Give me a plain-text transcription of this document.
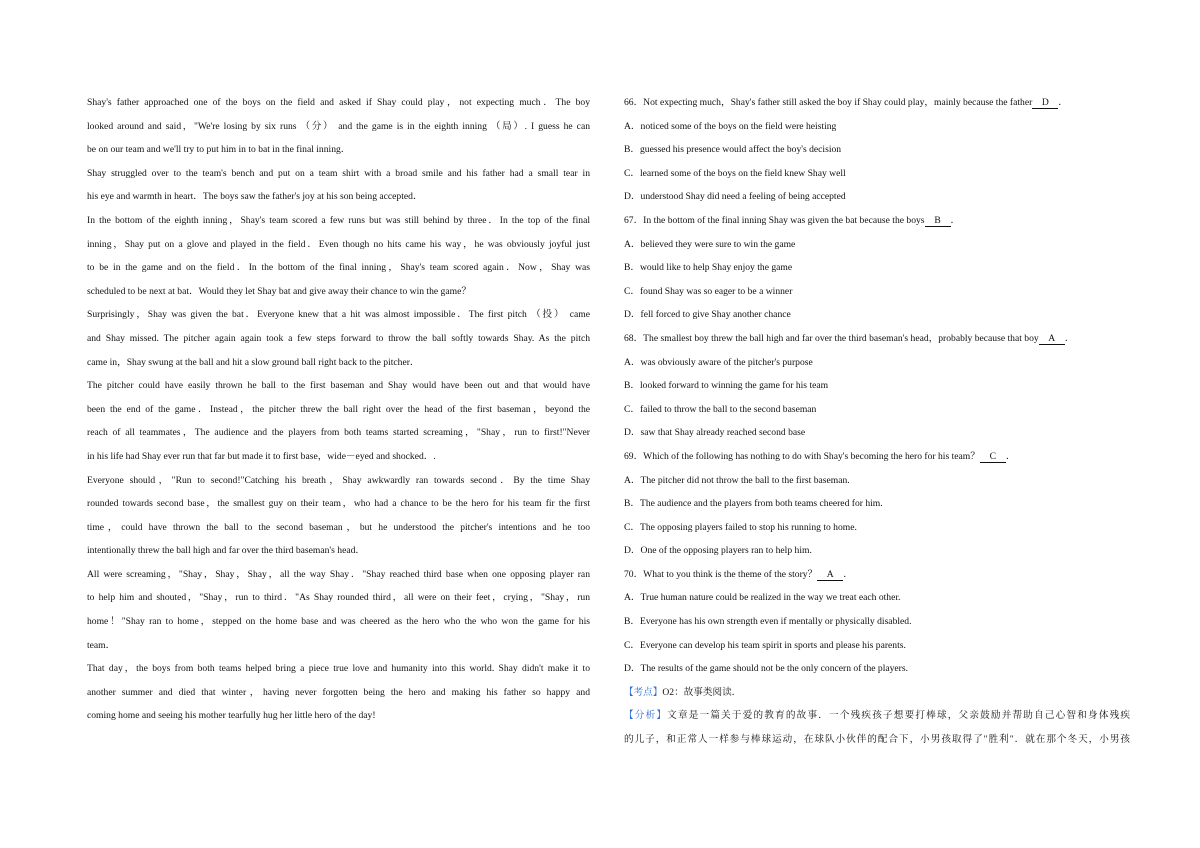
Shay's father approached one of the boys on the field and asked if Shay could play，not expecting much．The boy
looked around and said，"We're losing by six runs （分） and the game is in the eighth inning （局）. I guess he can
be on our team and we'll try to put him in to bat in the final inning．
Shay struggled over to the team's bench and put on a team shirt with a broad smile and his father had a small tear in
his eye and warmth in heart．The boys saw the father's joy at his son being accepted．
In the bottom of the eighth inning，Shay's team scored a few runs but was still behind by three．In the top of the final
inning，Shay put on a glove and played in the field．Even though no hits came his way，he was obviously joyful just
to be in the game and on the field．In the bottom of the final inning，Shay's team scored again．Now，Shay was
scheduled to be next at bat．Would they let Shay bat and give away their chance to win the game？
Surprisingly，Shay was given the bat．Everyone knew that a hit was almost impossible．The first pitch （投） came
and Shay missed. The pitcher again again took a few steps forward to throw the ball softly towards Shay. As the pitch
came in，Shay swung at the ball and hit a slow ground ball right back to the pitcher．
The pitcher could have easily thrown he ball to the first baseman and Shay would have been out and that would have
been the end of the game．Instead，the pitcher threw the ball right over the head of the first baseman，beyond the
reach of all teammates，The audience and the players from both teams started screaming，"Shay，run to first!"Never
in his life had Shay ever run that far but made it to first base，wide－eyed and shocked．.
Everyone should，"Run to second!"Catching his breath，Shay awkwardly ran towards second．By the time Shay
rounded towards second base，the smallest guy on their team，who had a chance to be the hero for his team fir the first
time，could have thrown the ball to the second baseman，but he understood the pitcher's intentions and he too
intentionally threw the ball high and far over the third baseman's head．
All were screaming，"Shay，Shay，Shay，all the way Shay．"Shay reached third base when one opposing player ran
to help him and shouted，"Shay，run to third．"As Shay rounded third，all were on their feet，crying，"Shay，run
home！"Shay ran to home，stepped on the home base and was cheered as the hero who the who won the game for his
team．
That day，the boys from both teams helped bring a piece true love and humanity into this world. Shay didn't make it to
another summer and died that winter，having never forgotten being the hero and making his father so happy and
coming home and seeing his mother tearfully hug her little hero of the day!
66．Not expecting much，Shay's father still asked the boy if Shay could play，mainly because the father D ．
A．noticed some of the boys on the field were heisting
B．guessed his presence would affect the boy's decision
C．learned some of the boys on the field knew Shay well
D．understood Shay did need a feeling of being accepted
67．In the bottom of the final inning Shay was given the bat because the boys B ．
A．believed they were sure to win the game
B．would like to help Shay enjoy the game
C．found Shay was so eager to be a winner
D．fell forced to give Shay another chance
68．The smallest boy threw the ball high and far over the third baseman's head，probably because that boy A ．
A．was obviously aware of the pitcher's purpose
B．looked forward to winning the game for his team
C．failed to throw the ball to the second baseman
D．saw that Shay already reached second base
69．Which of the following has nothing to do with Shay's becoming the hero for his team？ C ．
A．The pitcher did not throw the ball to the first baseman.
B．The audience and the players from both teams cheered for him.
C．The opposing players failed to stop his running to home.
D．One of the opposing players ran to help him.
70．What to you think is the theme of the story？ A ．
A．True human nature could be realized in the way we treat each other.
B．Everyone has his own strength even if mentally or physically disabled.
C．Everyone can develop his team spirit in sports and please his parents.
D．The results of the game should not be the only concern of the players.
【考点】O2：故事类阅读．
【分析】文章是一篇关于爱的教育的故事．一个残疾孩子想要打棒球，父亲鼓励并帮助自己心智和身体残疾
的儿子，和正常人一样参与棒球运动，在球队小伙伴的配合下，小男孩取得了"胜利"．就在那个冬天，小男孩
